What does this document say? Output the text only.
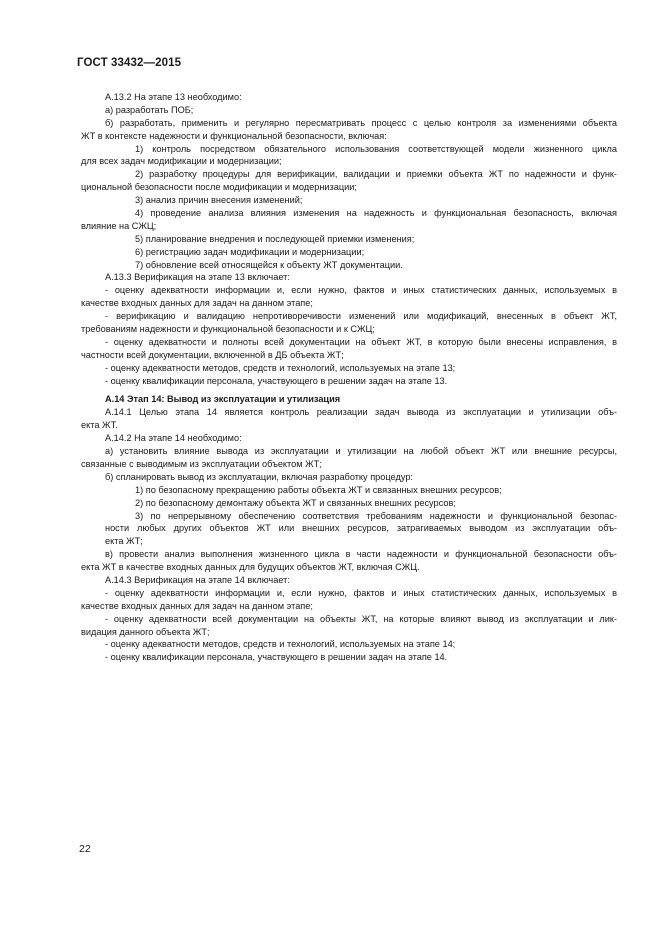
ГОСТ 33432—2015
А.13.2 На этапе 13 необходимо:
а) разработать ПОБ;
б) разработать, применить и регулярно пересматривать процесс с целью контроля за изменениями объекта
ЖТ в контексте надежности и функциональной безопасности, включая:
1) контроль посредством обязательного использования соответствующей модели жизненного цикла
для всех задач модификации и модернизации;
2) разработку процедуры для верификации, валидации и приемки объекта ЖТ по надежности и функ-
циональной безопасности после модификации и модернизации;
3) анализ причин внесения изменений;
4) проведение анализа влияния изменения на надежность и функциональная безопасность, включая
влияние на СЖЦ;
5) планирование внедрения и последующей приемки изменения;
6) регистрацию задач модификации и модернизации;
7) обновление всей относящейся к объекту ЖТ документации.
А.13.3 Верификация на этапе 13 включает:
- оценку адекватности информации и, если нужно, фактов и иных статистических данных, используемых в
качестве входных данных для задач на данном этапе;
- верификацию и валидацию непротиворечивости изменений или модификаций, внесенных в объект ЖТ,
требованиям надежности и функциональной безопасности и к СЖЦ;
- оценку адекватности и полноты всей документации на объект ЖТ, в которую были внесены исправления, в
частности всей документации, включенной в ДБ объекта ЖТ;
- оценку адекватности методов, средств и технологий, используемых на этапе 13;
- оценку квалификации персонала, участвующего в решении задач на этапе 13.
А.14 Этап 14: Вывод из эксплуатации и утилизация
А.14.1 Целью этапа 14 является контроль реализации задач вывода из эксплуатации и утилизации объ-
екта ЖТ.
А.14.2 На этапе 14 необходимо:
а) установить влияние вывода из эксплуатации и утилизации на любой объект ЖТ или внешние ресурсы,
связанные с выводимым из эксплуатации объектом ЖТ;
б) спланировать вывод из эксплуатации, включая разработку процедур:
1) по безопасному прекращению работы объекта ЖТ и связанных внешних ресурсов;
2) по безопасному демонтажу объекта ЖТ и связанных внешних ресурсов;
3) по непрерывному обеспечению соответствия требованиям надежности и функциональной безопас-
ности любых других объектов ЖТ или внешних ресурсов, затрагиваемых выводом из эксплуатации объ-
екта ЖТ;
в) провести анализ выполнения жизненного цикла в части надежности и функциональной безопасности объ-
екта ЖТ в качестве входных данных для будущих объектов ЖТ, включая СЖЦ.
А.14.3 Верификация на этапе 14 включает:
- оценку адекватности информации и, если нужно, фактов и иных статистических данных, используемых в
качестве входных данных для задач на данном этапе;
- оценку адекватности всей документации на объекты ЖТ, на которые влияют вывод из эксплуатации и лик-
видация данного объекта ЖТ;
- оценку адекватности методов, средств и технологий, используемых на этапе 14;
- оценку квалификации персонала, участвующего в решении задач на этапе 14.
22
